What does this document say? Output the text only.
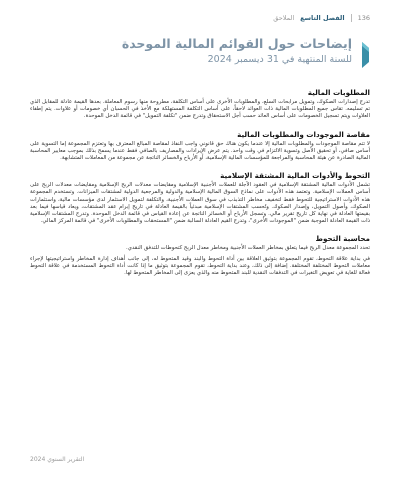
136
الفصل التاسع
الملاحق
إيضاحات حول القوائم المالية الموحدة
للسنة المنتهية في 31 ديسمبر 2024
المطلوبات المالية

تدرج إصدارات الصكوك، وتمويل مرابحات السلع، والمطلوبات الأخرى على أساس التكلفة، مطروحة منها رسوم المعاملة. بعدها القيمة عادلة للمقابل الذي تم تسليمه. تقاس جميع المطلوبات المالية ذات العوائد لاحقاً، على أساس التكلفة المستهلكة مع الأخذ في الحسبان أي خصومات أو علاوات. يتم إطفاء العلاوات ويتم تسجيل الخصومات على أساس العائد حسب أجل الاستحقاق وتدرج ضمن "تكلفة التمويل" في قائمة الدخل الموحدة.

مقاصة الموجودات والمطلوبات المالية

لا تتم مقاصة الموجودات والمطلوبات المالية إلا عندما يكون هناك حق قانوني واجب النفاذ لمقاصة المبالغ المعترف بها وتعتزم المجموعة إما التسوية على أساس صافي، أو تحقيق الأصل وتسوية الالتزام في وقت واحد. يتم عرض الإيرادات والمصاريف بالصافي فقط عندما يسمح بذلك بموجب معايير المحاسبة المالية الصادرة عن هيئة المحاسبة والمراجعة للمؤسسات المالية الإسلامية، أو الأرباح والخسائر الناتجة عن مجموعة من المعاملات المتشابهة.

التحوط والأدوات المالية المشتقة الإسلامية

تشمل الأدوات المالية المشتقة الإسلامية في العقود الآجلة للعملات الأجنبية الإسلامية ومقايضات معدلات الربح الإسلامية ومقايضات معدلات الربح على أساس العملات الإسلامية. وتعتمد هذه الأدوات على نماذج السوق المالية الإسلامية والدولية والمرجعية الدولية لمشتقات الميزانات. وتستخدم المجموعة هذه الأدوات الاستراتيجية للتحوط فقط لتخفيف مخاطر التذبذب في سوق العملات الأجنبية، والتكلفة لتمويل الاستثمار لدى مؤسسات مالية، واستثمارات الصكوك، وأصول التمويل، وإصدار الصكوك. وتُحسب المشتقات الإسلامية مبدئياً بالقيمة العادلة في تاريخ إبرام عقد المشتقات، ويعاد قياسها فيما بعد بقيمتها العادلة في نهاية كل تاريخ تقرير مالي. وتسجل الأرباح أو الخسائر الناتجة عن إعادة القياس في قائمة الدخل الموحدة. وتدرج المشتقات الإسلامية ذات القيمة العادلة الموجبة ضمن "الموجودات الأخرى"، وتدرج القيم العادلة السالبة ضمن "المستحقات والمطلوبات الأخرى" في قائمة المركز المالي.

محاسبة التحوط

تحدد المجموعة معدل الربح فيما يتعلق بمخاطر العملات الأجنبية ومخاطر معدل الربح كتحوطات للتدفق النقدي.

في بداية علاقة التحوط، تقوم المجموعة بتوثيق العلاقة بين أداة التحوط والبند وقيد المتحوط له، إلى جانب أهداف إدارة المخاطر واستراتيجيتها لإجراء معاملات التحوط المختلفة المختلفة. إضافة إلى ذلك، وعند بداية التحوط، تقوم المجموعة بتوثيق ما إذا كانت أداة التحوط المستخدمة في علاقة التحوط فعالة للغاية في تعويض التغيرات في التدفقات النقدية للبند المتحوط منه والذي يعزى إلى المخاطر المتحوط لها.

التقرير السنوي 2024
